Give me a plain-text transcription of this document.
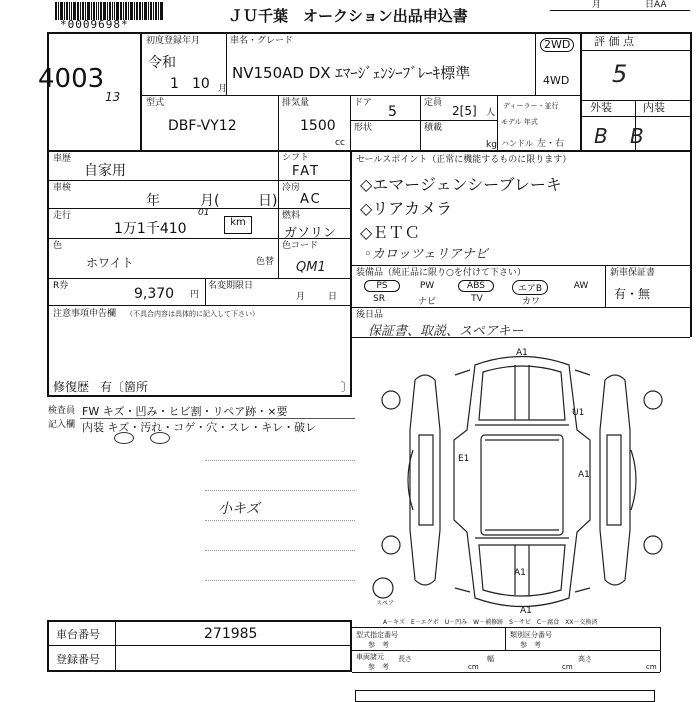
*0009698*	ＪＵ千葉　オークション出品申込書
月	日AA
4003
13
初度登録年月
令和
1 10 月
車名・グレード
NV150AD DX ｴﾏｰｼﾞｪﾝｼｰﾌﾞﾚｰｷ標準
2WD
4WD
評 価 点
5
外装	内装
B B
型式
DBF-VY12
排気量
1500
cc
ドア
5
形状
定員
2[5] 人
積載
kg
ディーラー・並行
モデル 年式
ハンドル 左・右
車歴
自家用
車検
年	月(	日)
走行
1万1千410
01
km
色
ホワイト	色替
R券	9,370 円
名変期限日
月	日
シフト
FAT
冷房
AC
燃料
ガソリン
色コード
QM1
注意事項申告欄 （不具合内容は具体的に記入して下さい）
修復歴 有〔箇所	〕
セールスポイント（正常に機能するものに限ります）
◇エマージェンシーブレーキ
◇リアカメラ
◇ＥＴＣ
◦カロッツェリアナビ
装備品（純正品に限り○を付けて下さい）
PS	PW	ABS	エアB	AW
SR	ナビ	TV	カワ
新車保証書
有・無
後日品
保証書、取説、スペアキー
検査員
記入欄
FW キズ・凹み・ヒビ割・リペア跡・×要
内装 キズ・汚れ・コゲ・穴・スレ・キレ・破レ
小キズ
A1
U1
E1
A1
A1
A1
スペア
A－キズ　E－エクボ　U－凹み　W－補修跡　S－サビ　C－腐食　XX－交換済
車台番号	271985
登録番号
型式指定番号
参　考
類別区分番号
参　考
車両諸元
参　考
長さ
cm
幅
cm
高さ
cm
